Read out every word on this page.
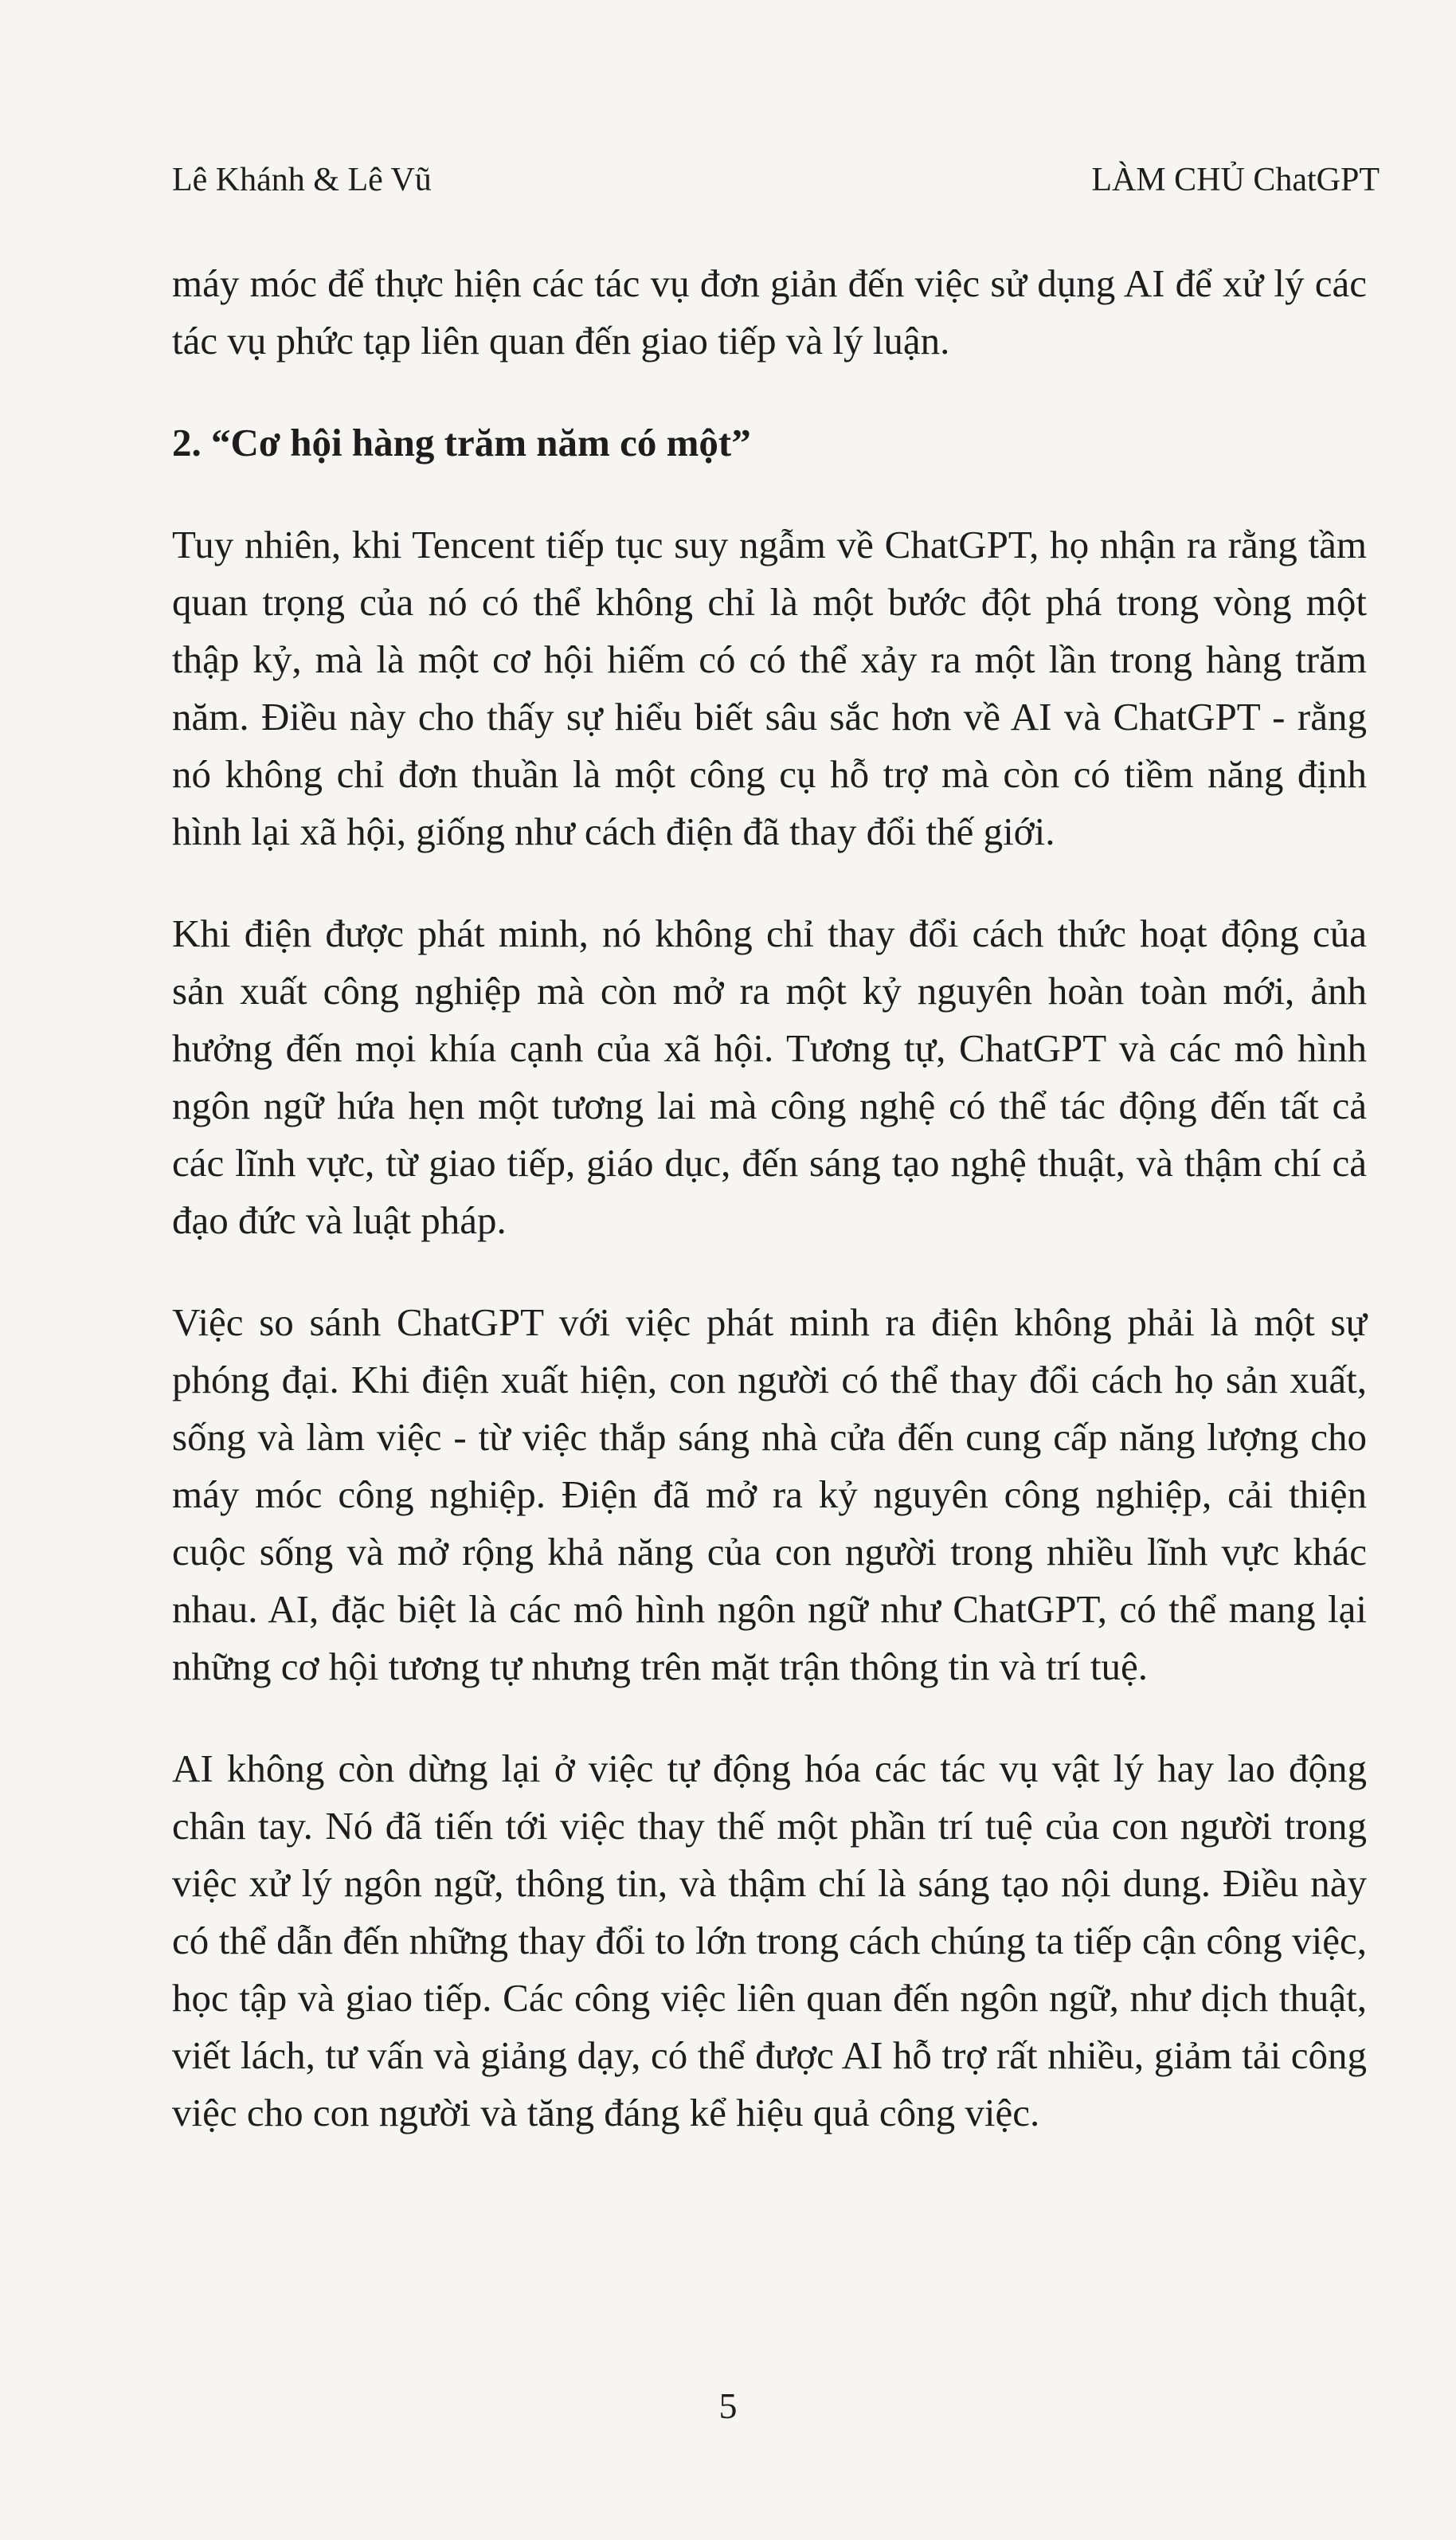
Lê Khánh & Lê Vũ	LÀM CHỦ ChatGPT

máy móc để thực hiện các tác vụ đơn giản đến việc sử dụng AI để xử lý các tác vụ phức tạp liên quan đến giao tiếp và lý luận.

2. “Cơ hội hàng trăm năm có một”

Tuy nhiên, khi Tencent tiếp tục suy ngẫm về ChatGPT, họ nhận ra rằng tầm quan trọng của nó có thể không chỉ là một bước đột phá trong vòng một thập kỷ, mà là một cơ hội hiếm có có thể xảy ra một lần trong hàng trăm năm. Điều này cho thấy sự hiểu biết sâu sắc hơn về AI và ChatGPT - rằng nó không chỉ đơn thuần là một công cụ hỗ trợ mà còn có tiềm năng định hình lại xã hội, giống như cách điện đã thay đổi thế giới.

Khi điện được phát minh, nó không chỉ thay đổi cách thức hoạt động của sản xuất công nghiệp mà còn mở ra một kỷ nguyên hoàn toàn mới, ảnh hưởng đến mọi khía cạnh của xã hội. Tương tự, ChatGPT và các mô hình ngôn ngữ hứa hẹn một tương lai mà công nghệ có thể tác động đến tất cả các lĩnh vực, từ giao tiếp, giáo dục, đến sáng tạo nghệ thuật, và thậm chí cả đạo đức và luật pháp.

Việc so sánh ChatGPT với việc phát minh ra điện không phải là một sự phóng đại. Khi điện xuất hiện, con người có thể thay đổi cách họ sản xuất, sống và làm việc - từ việc thắp sáng nhà cửa đến cung cấp năng lượng cho máy móc công nghiệp. Điện đã mở ra kỷ nguyên công nghiệp, cải thiện cuộc sống và mở rộng khả năng của con người trong nhiều lĩnh vực khác nhau. AI, đặc biệt là các mô hình ngôn ngữ như ChatGPT, có thể mang lại những cơ hội tương tự nhưng trên mặt trận thông tin và trí tuệ.

AI không còn dừng lại ở việc tự động hóa các tác vụ vật lý hay lao động chân tay. Nó đã tiến tới việc thay thế một phần trí tuệ của con người trong việc xử lý ngôn ngữ, thông tin, và thậm chí là sáng tạo nội dung. Điều này có thể dẫn đến những thay đổi to lớn trong cách chúng ta tiếp cận công việc, học tập và giao tiếp. Các công việc liên quan đến ngôn ngữ, như dịch thuật, viết lách, tư vấn và giảng dạy, có thể được AI hỗ trợ rất nhiều, giảm tải công việc cho con người và tăng đáng kể hiệu quả công việc.

5
